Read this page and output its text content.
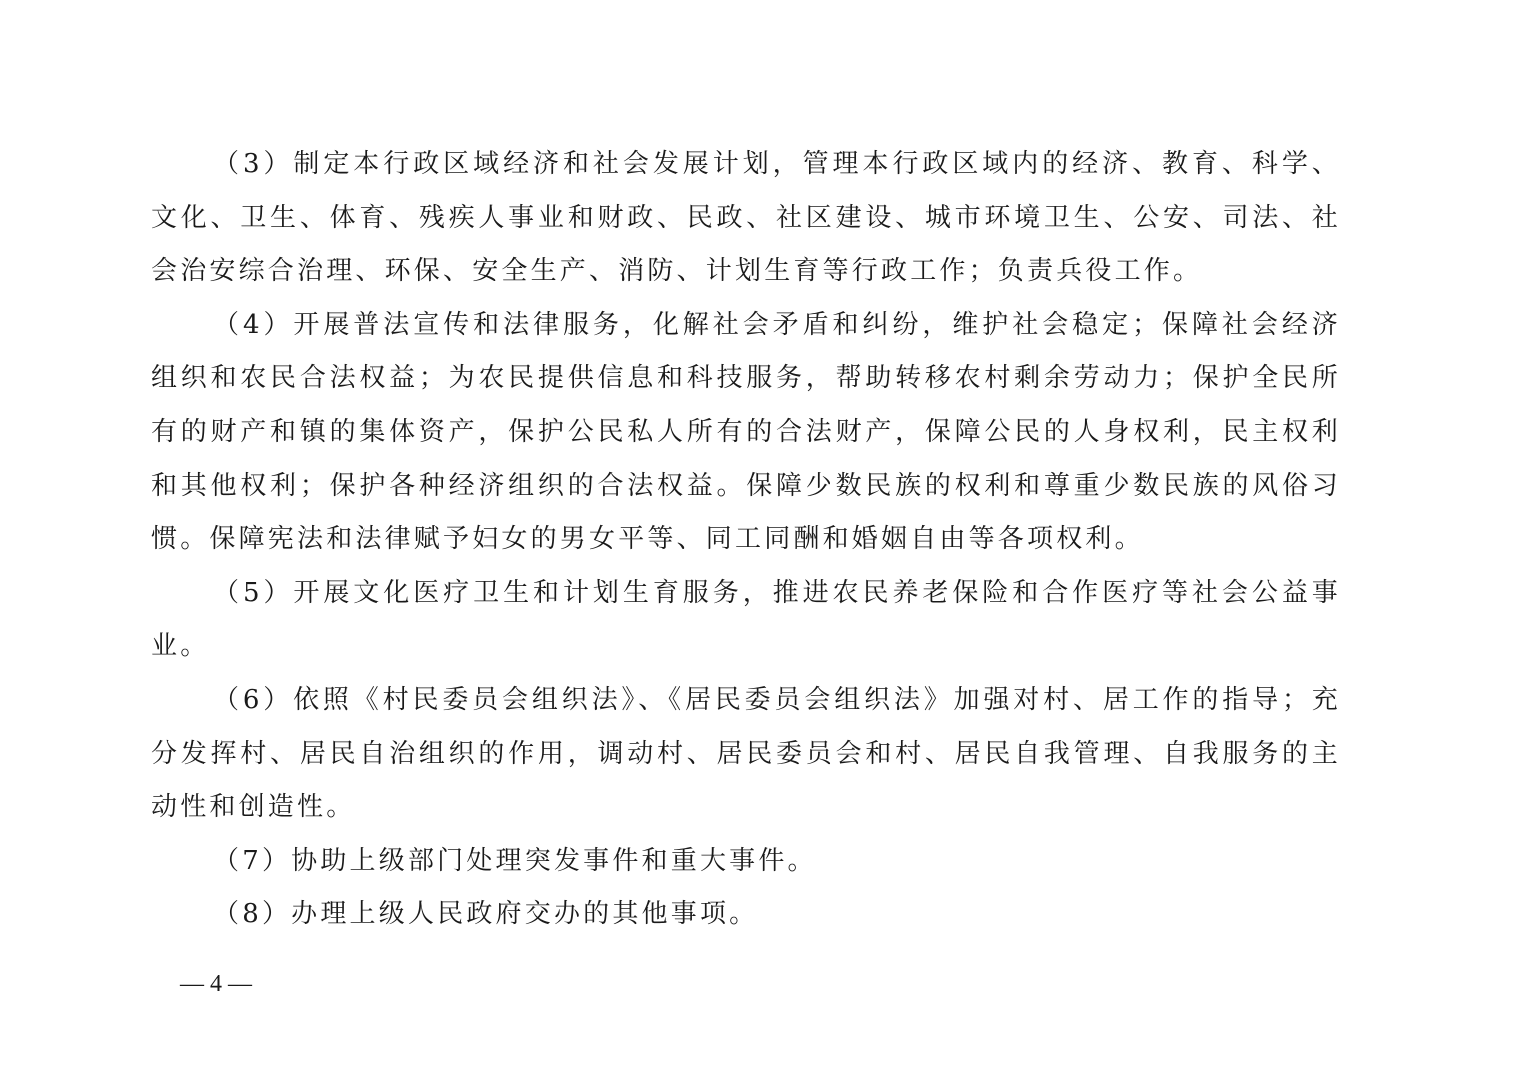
（3）制定本行政区域经济和社会发展计划，管理本行政区域内的经济、教育、科学、文化、卫生、体育、残疾人事业和财政、民政、社区建设、城市环境卫生、公安、司法、社会治安综合治理、环保、安全生产、消防、计划生育等行政工作；负责兵役工作。

（4）开展普法宣传和法律服务，化解社会矛盾和纠纷，维护社会稳定；保障社会经济组织和农民合法权益；为农民提供信息和科技服务，帮助转移农村剩余劳动力；保护全民所有的财产和镇的集体资产，保护公民私人所有的合法财产，保障公民的人身权利，民主权利和其他权利；保护各种经济组织的合法权益。保障少数民族的权利和尊重少数民族的风俗习惯。保障宪法和法律赋予妇女的男女平等、同工同酬和婚姻自由等各项权利。

（5）开展文化医疗卫生和计划生育服务，推进农民养老保险和合作医疗等社会公益事业。

（6）依照《村民委员会组织法》、《居民委员会组织法》加强对村、居工作的指导；充分发挥村、居民自治组织的作用，调动村、居民委员会和村、居民自我管理、自我服务的主动性和创造性。

（7）协助上级部门处理突发事件和重大事件。

（8）办理上级人民政府交办的其他事项。

— 4 —
